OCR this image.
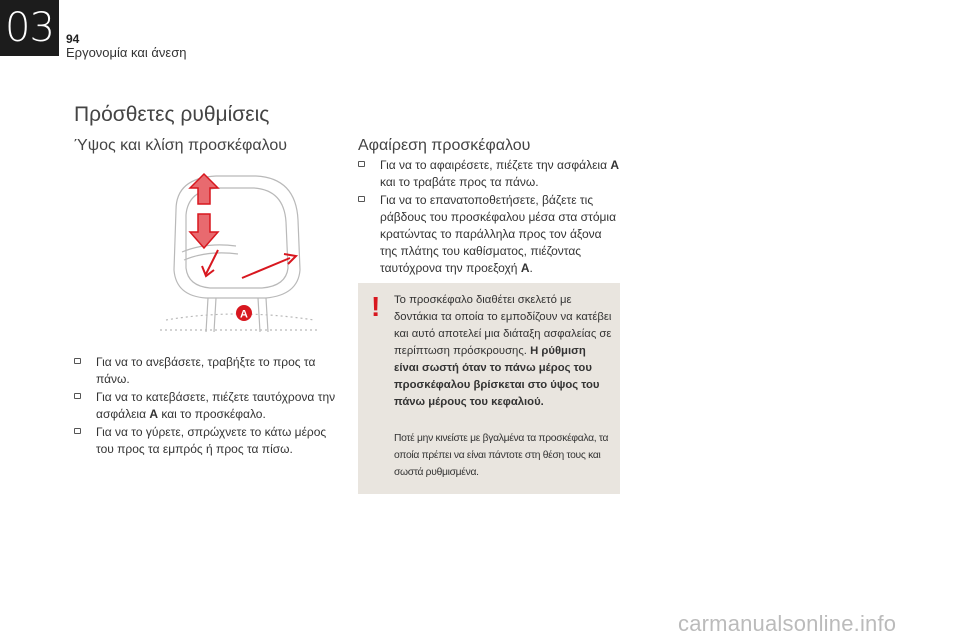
03	94
Εργονομία και άνεση
Πρόσθετες ρυθμίσεις
Ύψος και κλίση προσκέφαλου	Αφαίρεση προσκέφαλου
A
Για να το ανεβάσετε, τραβήξτε το προς τα πάνω.
Για να το κατεβάσετε, πιέζετε ταυτόχρονα την ασφάλεια A και το προσκέφαλο.
Για να το γύρετε, σπρώχνετε το κάτω μέρος του προς τα εμπρός ή προς τα πίσω.
Για να το αφαιρέσετε, πιέζετε την ασφάλεια A και το τραβάτε προς τα πάνω.
Για να το επανατοποθετήσετε, βάζετε τις ράβδους του προσκέφαλου μέσα στα στόμια κρατώντας το παράλληλα προς τον άξονα της πλάτης του καθίσματος, πιέζοντας ταυτόχρονα την προεξοχή A.
! Το προσκέφαλο διαθέτει σκελετό με δοντάκια τα οποία το εμποδίζουν να κατέβει και αυτό αποτελεί μια διάταξη ασφαλείας σε περίπτωση πρόσκρουσης. Η ρύθμιση είναι σωστή όταν το πάνω μέρος του προσκέφαλου βρίσκεται στο ύψος του πάνω μέρους του κεφαλιού.
Ποτέ μην κινείστε με βγαλμένα τα προσκέφαλα, τα οποία πρέπει να είναι πάντοτε στη θέση τους και σωστά ρυθμισμένα.
carmanualsonline.info
